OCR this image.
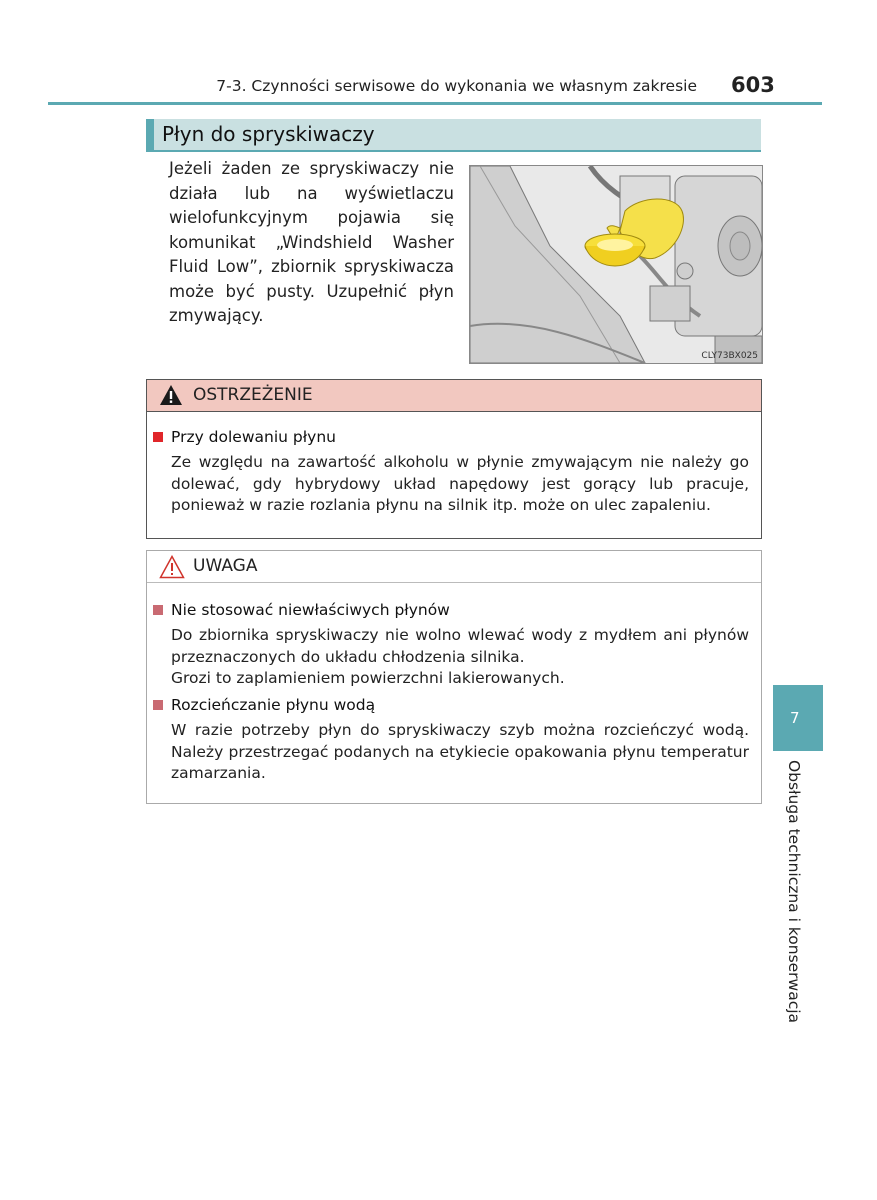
7-3. Czynności serwisowe do wykonania we własnym zakresie 603
Płyn do spryskiwaczy
Jeżeli żaden ze spryskiwaczy nie działa lub na wyświetlaczu wielofunkcyjnym pojawia się komunikat „Windshield Washer Fluid Low”, zbiornik spryskiwacza może być pusty. Uzupełnić płyn zmywający.
CLY73BX025
OSTRZEŻENIE
Przy dolewaniu płynu
Ze względu na zawartość alkoholu w płynie zmywającym nie należy go dolewać, gdy hybrydowy układ napędowy jest gorący lub pracuje, ponieważ w razie rozlania płynu na silnik itp. może on ulec zapaleniu.
UWAGA
Nie stosować niewłaściwych płynów

Do zbiornika spryskiwaczy nie wolno wlewać wody z mydłem ani płynów przeznaczonych do układu chłodzenia silnika.

Grozi to zaplamieniem powierzchni lakierowanych.

Rozcieńczanie płynu wodą
W razie potrzeby płyn do spryskiwaczy szyb można rozcieńczyć wodą. Należy przestrzegać podanych na etykiecie opakowania płynu temperatur zamarzania.
7
Obsługa techniczna i konserwacja
